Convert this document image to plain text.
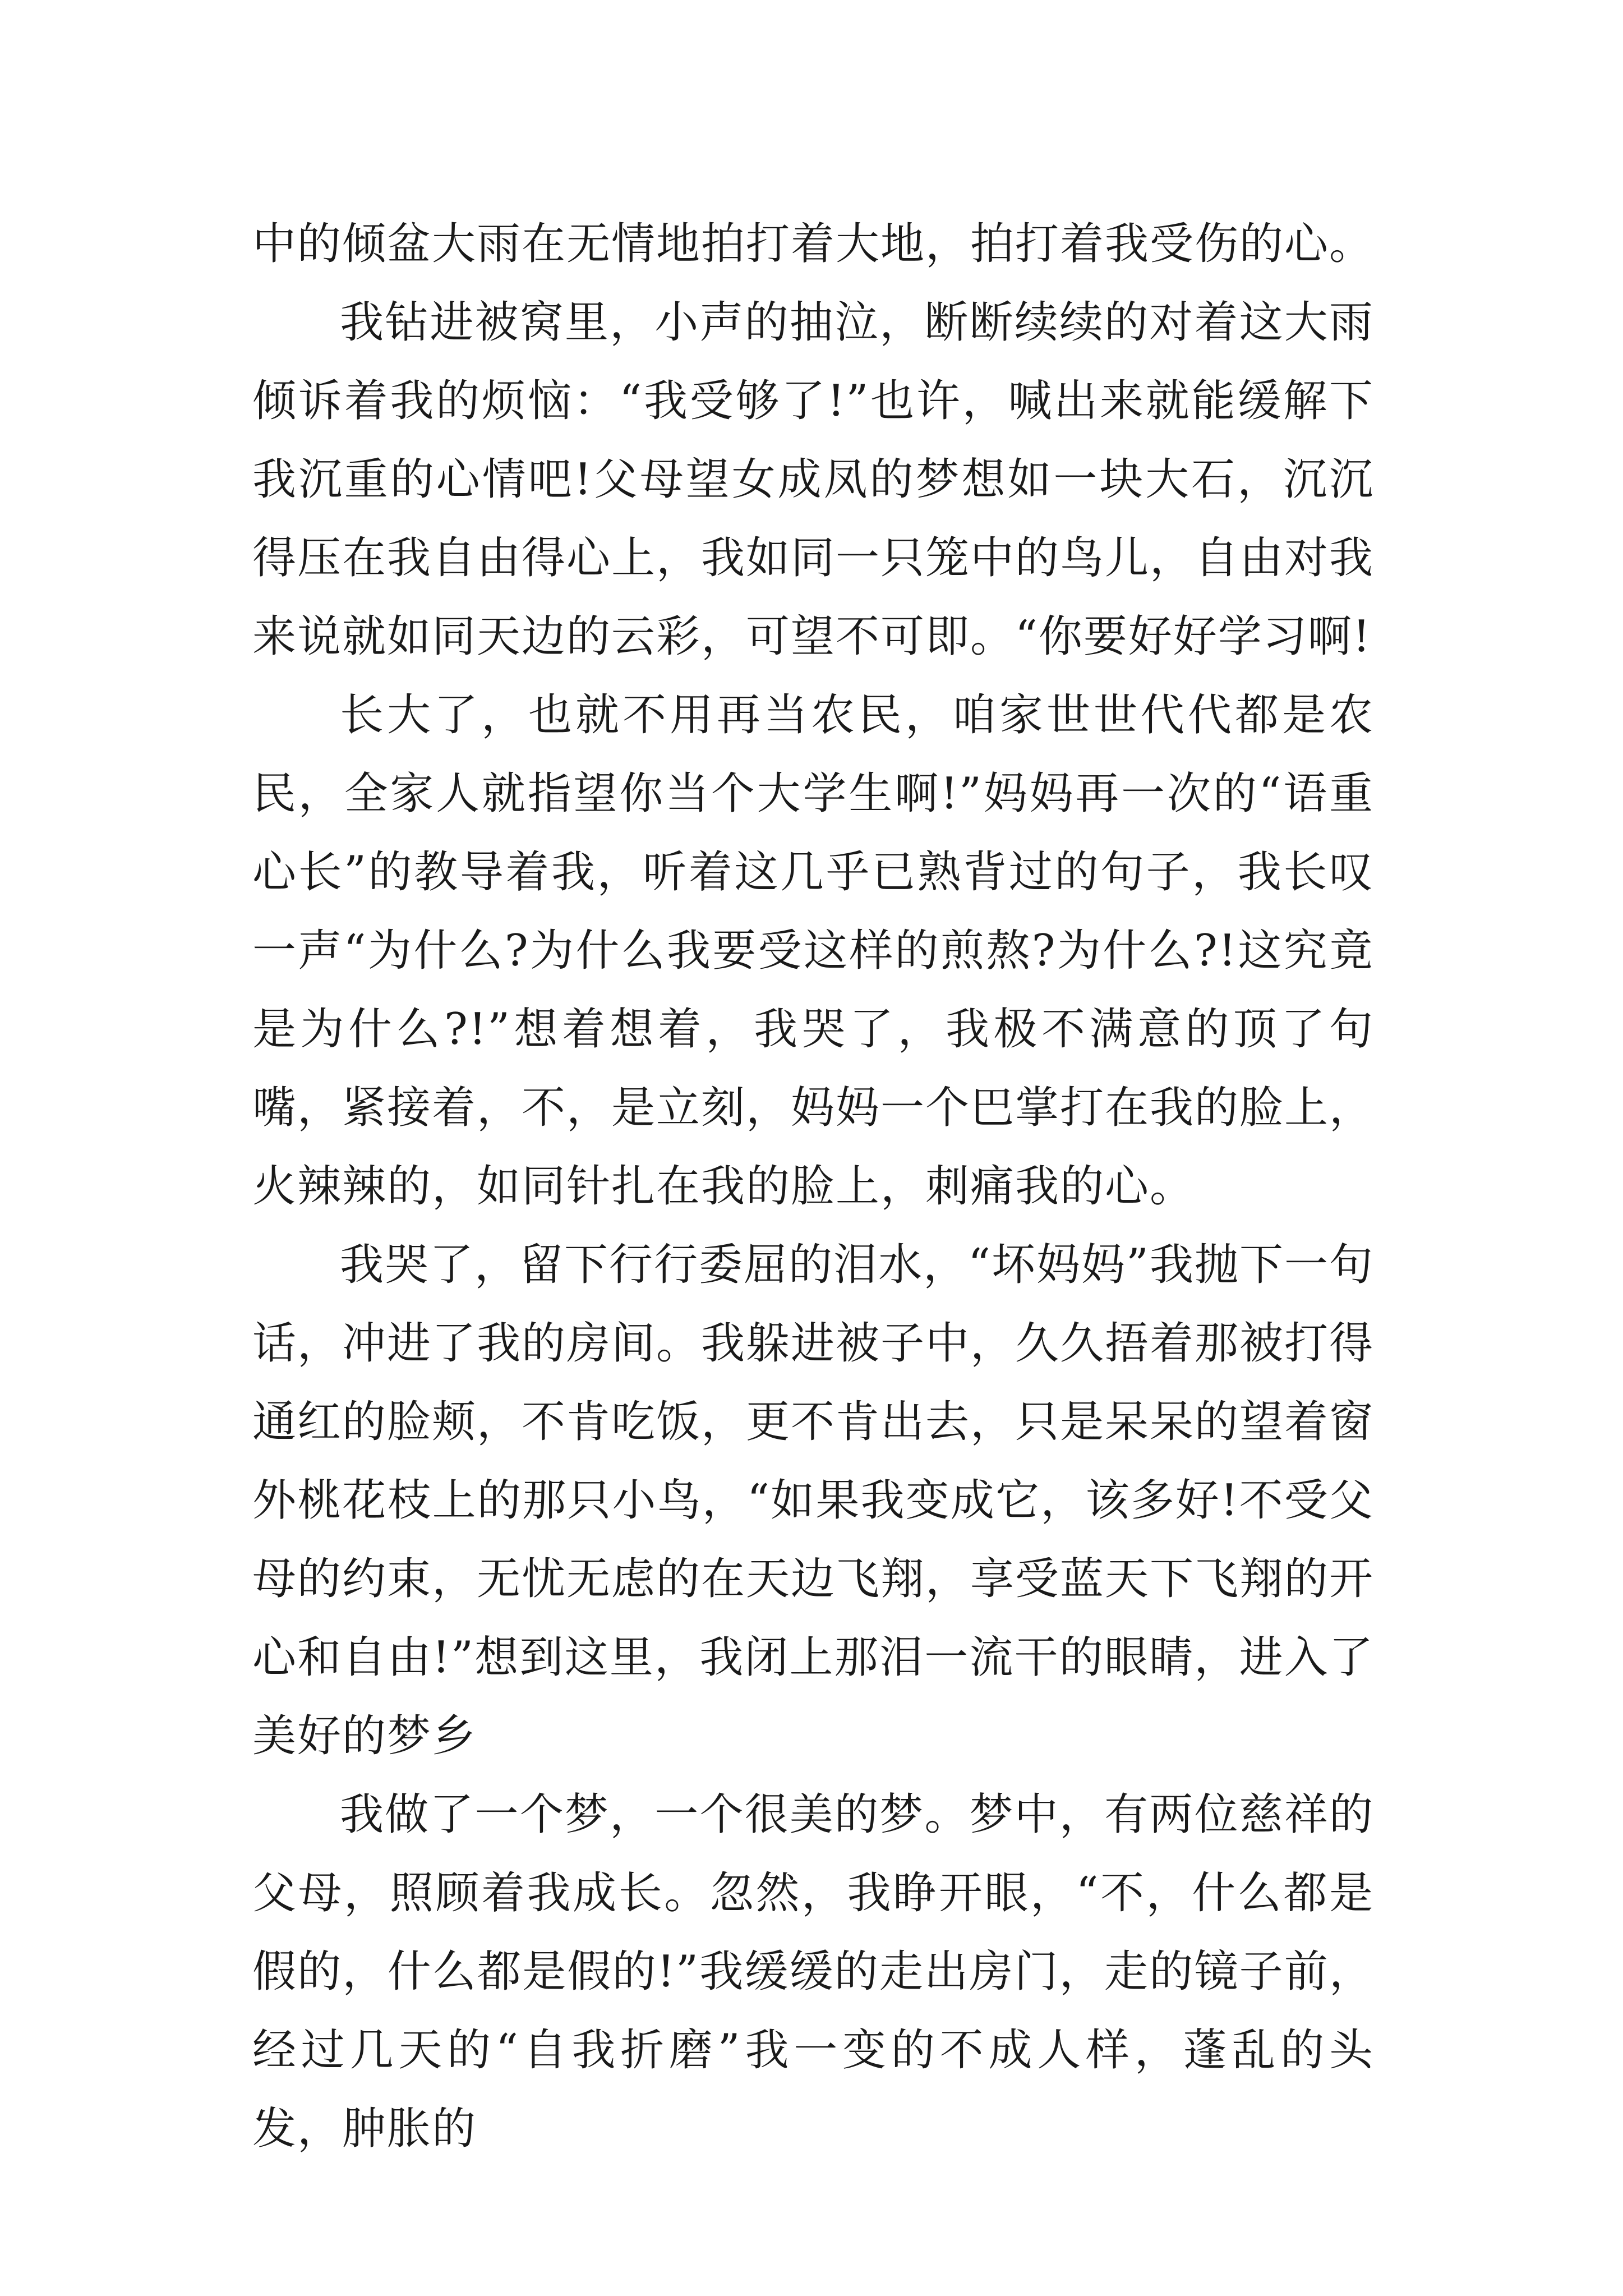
中的倾盆大雨在无情地拍打着大地，拍打着我受伤的心。

我钻进被窝里，小声的抽泣，断断续续的对着这大雨倾诉着我的烦恼：“我受够了!”也许，喊出来就能缓解下我沉重的心情吧!父母望女成凤的梦想如一块大石，沉沉得压在我自由得心上，我如同一只笼中的鸟儿，自由对我来说就如同天边的云彩，可望不可即。“你要好好学习啊!

长大了，也就不用再当农民，咱家世世代代都是农民，全家人就指望你当个大学生啊!”妈妈再一次的“语重心长”的教导着我，听着这几乎已熟背过的句子，我长叹一声“为什么?为什么我要受这样的煎熬?为什么?!这究竟是为什么?!”想着想着，我哭了，我极不满意的顶了句嘴，紧接着，不，是立刻，妈妈一个巴掌打在我的脸上，火辣辣的，如同针扎在我的脸上，刺痛我的心。

我哭了，留下行行委屈的泪水，“坏妈妈”我抛下一句话，冲进了我的房间。我躲进被子中，久久捂着那被打得通红的脸颊，不肯吃饭，更不肯出去，只是呆呆的望着窗外桃花枝上的那只小鸟，“如果我变成它，该多好!不受父母的约束，无忧无虑的在天边飞翔，享受蓝天下飞翔的开心和自由!”想到这里，我闭上那泪一流干的眼睛，进入了美好的梦乡

我做了一个梦，一个很美的梦。梦中，有两位慈祥的父母，照顾着我成长。忽然，我睁开眼，“不，什么都是假的，什么都是假的!”我缓缓的走出房门，走的镜子前，经过几天的“自我折磨”我一变的不成人样，蓬乱的头发，肿胀的
